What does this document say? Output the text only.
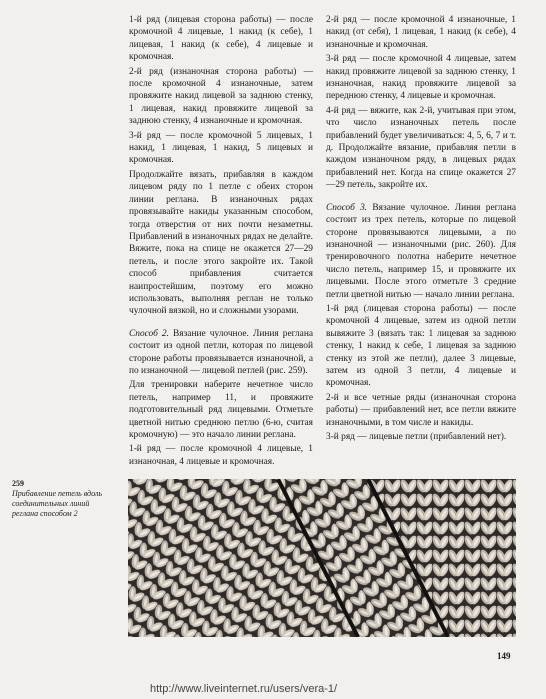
1-й ряд (лицевая сторона работы) — после кромочной 4 лицевые, 1 накид (к себе), 1 лицевая, 1 накид (к себе), 4 лицевые и кромочная.

2-й ряд (изнаночная сторона работы) — после кромочной 4 изнаночные, затем провяжите накид лицевой за заднюю стенку, 1 лицевая, накид провяжите лицевой за заднюю стенку, 4 изнаночные и кромочная.

3-й ряд — после кромочной 5 лицевых, 1 накид, 1 лицевая, 1 накид, 5 лицевых и кромочная.

Продолжайте вязать, прибавляя в каждом лицевом ряду по 1 петле с обеих сторон линии реглана. В изнаночных рядах провязывайте накиды указанным способом, тогда отверстия от них почти незаметны. Прибавлений в изнаночных рядах не делайте. Вяжите, пока на спице не окажется 27—29 петель, и после этого закройте их. Такой способ прибавления считается наипростейшим, поэтому его можно использовать, выполняя реглан не только чулочной вязкой, но и сложными узорами.

Способ 2. Вязание чулочное. Линия реглана состоит из одной петли, которая по лицевой стороне работы провязывается изнаночной, а по изнаночной — лицевой петлей (рис. 259).

Для тренировки наберите нечетное число петель, например 11, и провяжите подготовительный ряд лицевыми. Отметьте цветной нитью среднюю петлю (6-ю, считая кромочную) — это начало линии реглана.

1-й ряд — после кромочной 4 лицевые, 1 изнаночная, 4 лицевые и кромочная.

2-й ряд — после кромочной 4 изнаночные, 1 накид (от себя), 1 лицевая, 1 накид (к себе), 4 изнаночные и кромочная.

3-й ряд — после кромочной 4 лицевые, затем накид провяжите лицевой за заднюю стенку, 1 изнаночная, накид провяжите лицевой за переднюю стенку, 4 лицевые и кромочная.

4-й ряд — вяжите, как 2-й, учитывая при этом, что число изнаночных петель после прибавлений будет увеличиваться: 4, 5, 6, 7 и т. д. Продолжайте вязание, прибавляя петли в каждом изнаночном ряду, в лицевых рядах прибавлений нет. Когда на спице окажется 27—29 петель, закройте их.

Способ 3. Вязание чулочное. Линия реглана состоит из трех петель, которые по лицевой стороне провязываются лицевыми, а по изнаночной — изнаночными (рис. 260). Для тренировочного полотна наберите нечетное число петель, например 15, и провяжите их лицевыми. После этого отметьте 3 средние петли цветной нитью — начало линии реглана.

1-й ряд (лицевая сторона работы) — после кромочной 4 лицевые, затем из одной петли вывяжите 3 (вязать так: 1 лицевая за заднюю стенку, 1 накид к себе, 1 лицевая за заднюю стенку из этой же петли), далее 3 лицевые, затем из одной 3 петли, 4 лицевые и кромочная.

2-й и все четные ряды (изнаночная сторона работы) — прибавлений нет, все петли вяжите изнаночными, в том числе и накиды.

3-й ряд — лицевые петли (прибавлений нет).

259
Прибавление петель вдоль соединительных линий реглана способом 2
149
http://www.liveinternet.ru/users/vera-1/
